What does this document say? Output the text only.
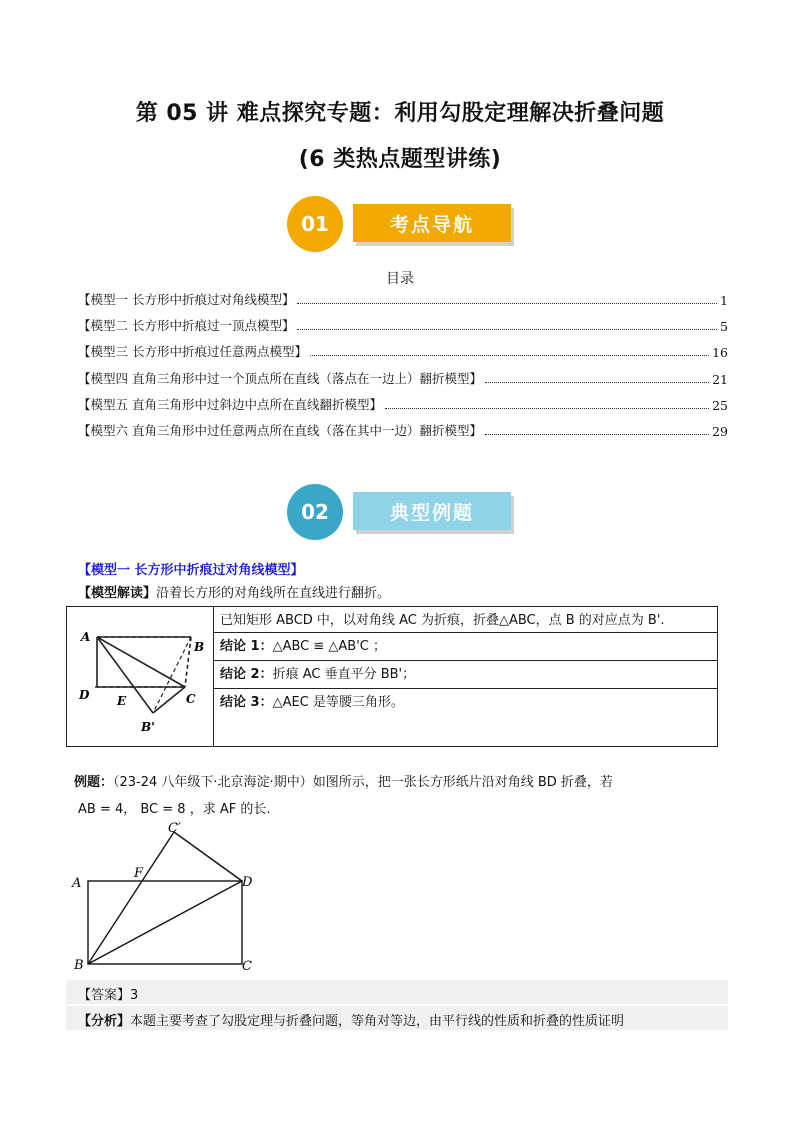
第 05 讲 难点探究专题：利用勾股定理解决折叠问题
(6 类热点题型讲练)
01	考点导航
目录
【模型一 长方形中折痕过对角线模型】	1
【模型二 长方形中折痕过一顶点模型】	5
【模型三 长方形中折痕过任意两点模型】	16
【模型四 直角三角形中过一个顶点所在直线（落点在一边上）翻折模型】	21
【模型五 直角三角形中过斜边中点所在直线翻折模型】	25
【模型六 直角三角形中过任意两点所在直线（落在其中一边）翻折模型】	29
02	典型例题
【模型一 长方形中折痕过对角线模型】
【模型解读】沿着长方形的对角线所在直线进行翻折。
A
B
C
D E
B'
	已知矩形 ABCD 中，以对角线 AC 为折痕，折叠△ABC，点 B 的对应点为 B'.
结论 1：△ABC ≌ △AB'C ；
结论 2：折痕 AC 垂直平分 BB'；
结论 3：△AEC 是等腰三角形。
例题：（23-24 八年级下·北京海淀·期中）如图所示，把一张长方形纸片沿对角线 BD 折叠，若
AB = 4， BC = 8 ，求 AF 的长.
A
B	C
D
F
C′
【答案】3
【分析】本题主要考查了勾股定理与折叠问题，等角对等边，由平行线的性质和折叠的性质证明
